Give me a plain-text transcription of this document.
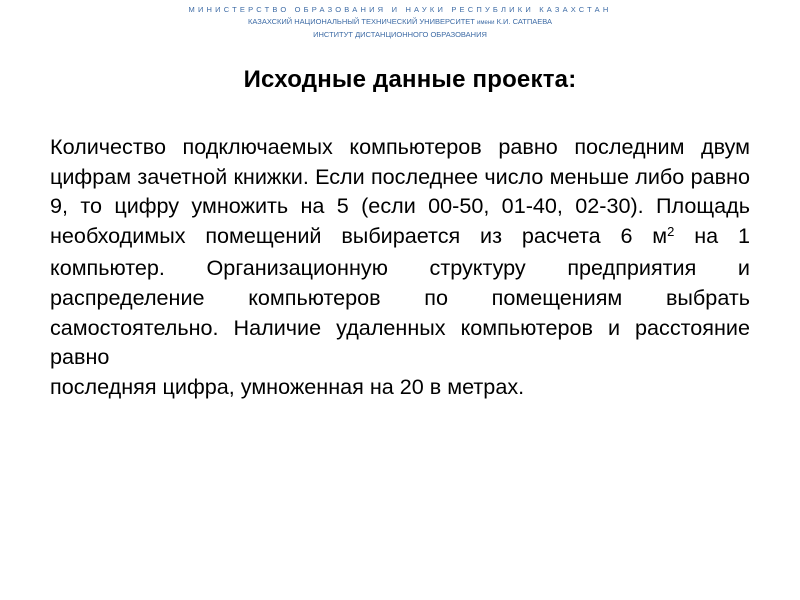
МИНИСТЕРСТВО ОБРАЗОВАНИЯ И НАУКИ РЕСПУБЛИКИ КАЗАХСТАН
КАЗАХСКИЙ НАЦИОНАЛЬНЫЙ ТЕХНИЧЕСКИЙ УНИВЕРСИТЕТ имени К.И. САТПАЕВА
ИНСТИТУТ ДИСТАНЦИОННОГО ОБРАЗОВАНИЯ
Исходные данные проекта:
Количество подключаемых компьютеров равно последним двум цифрам зачетной книжки. Если последнее число меньше либо равно 9, то цифру умножить на 5 (если 00-50, 01-40, 02-30). Площадь необходимых помещений выбирается из расчета 6 $м^2$ на 1 компьютер. Организационную структуру предприятия и распределение компьютеров по помещениям выбрать самостоятельно. Наличие удаленных компьютеров и расстояние равно
последняя цифра, умноженная на 20 в метрах.
